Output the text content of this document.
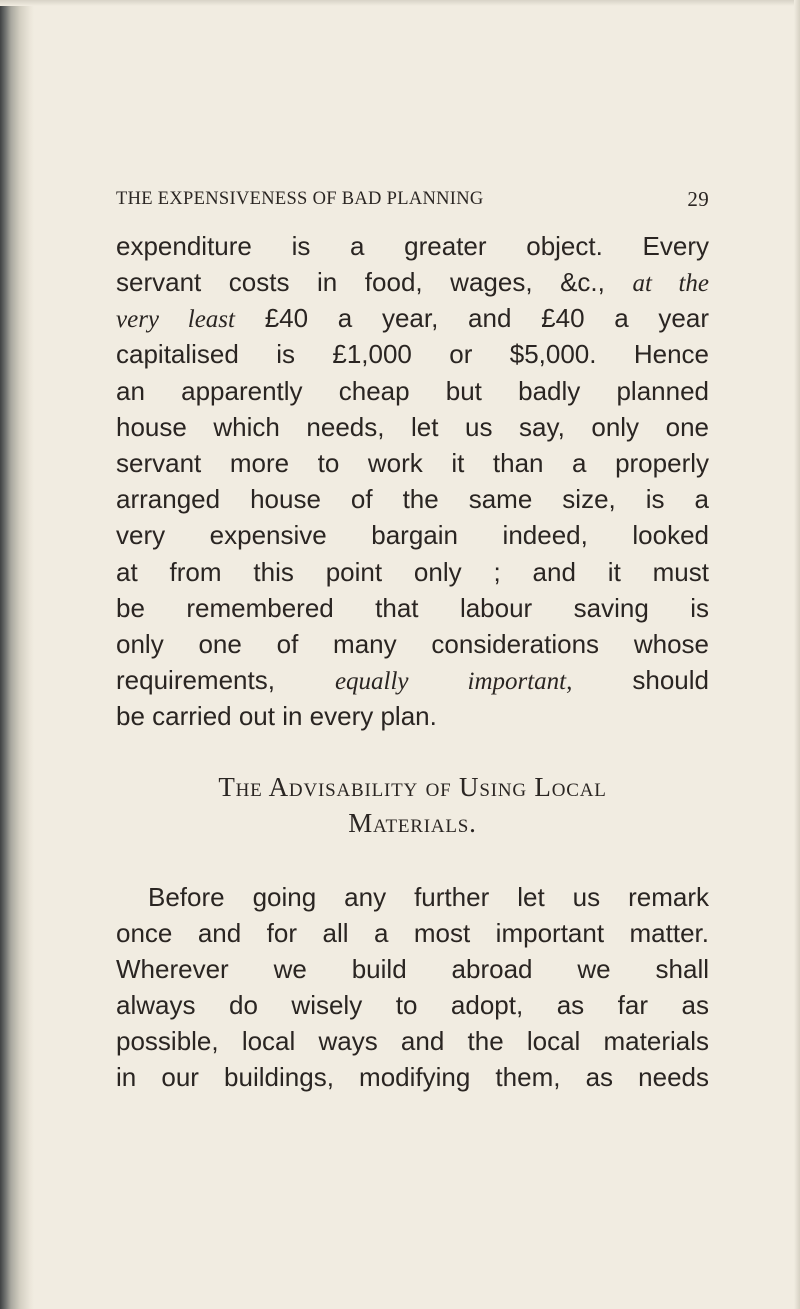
THE EXPENSIVENESS OF BAD PLANNING	29
expenditure is a greater object. Every
servant costs in food, wages, &c., at the
very least £40 a year, and £40 a year
capitalised is £1,000 or $5,000. Hence
an apparently cheap but badly planned
house which needs, let us say, only one
servant more to work it than a properly
arranged house of the same size, is a
very expensive bargain indeed, looked
at from this point only ; and it must
be remembered that labour saving is
only one of many considerations whose
requirements, equally important, should
be carried out in every plan.
The Advisability of Using Local
Materials.
Before going any further let us remark
once and for all a most important matter.
Wherever we build abroad we shall
always do wisely to adopt, as far as
possible, local ways and the local materials
in our buildings, modifying them, as needs
